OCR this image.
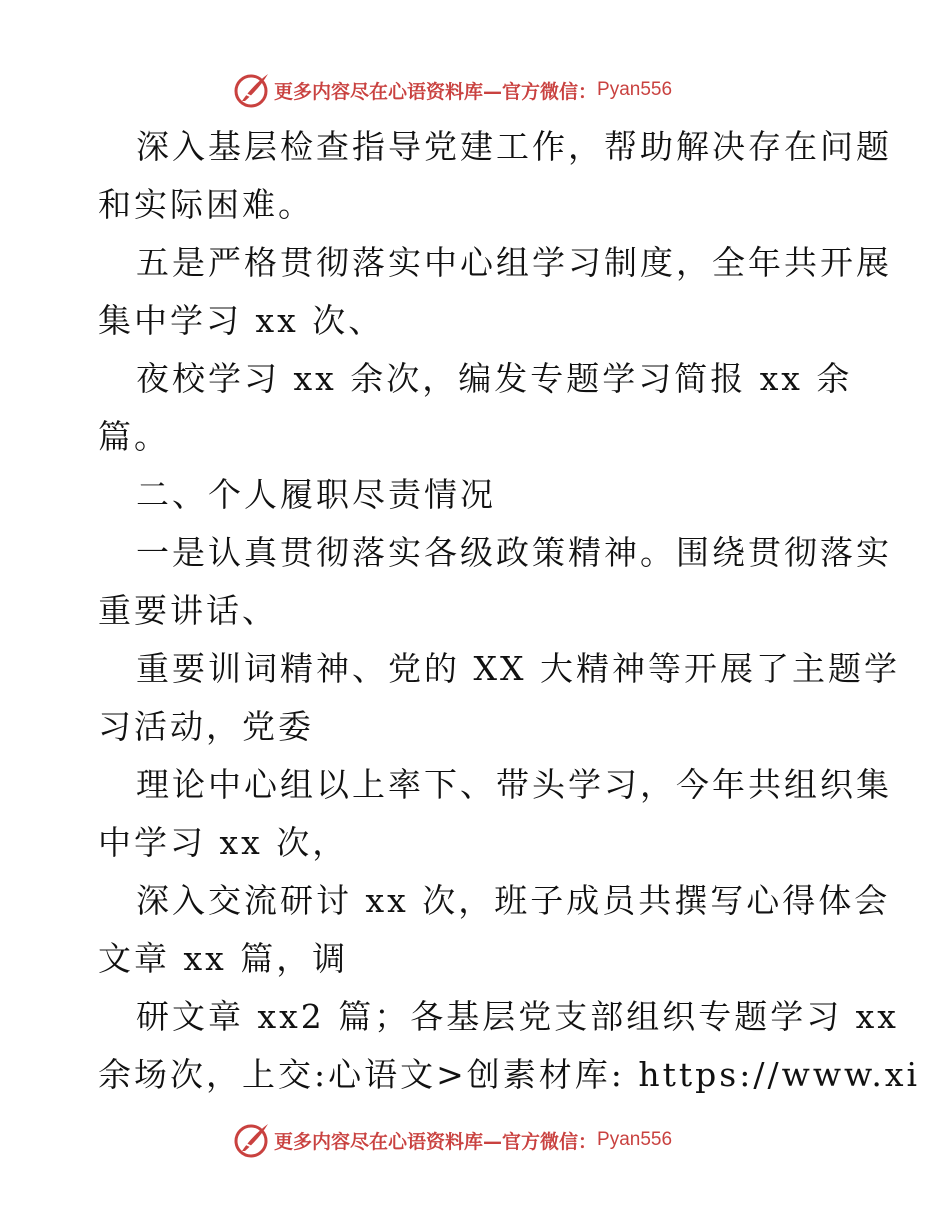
更多内容尽在心语资料库—官方微信： Pyan556
深入基层检查指导党建工作，帮助解决存在问题
和实际困难。
五是严格贯彻落实中心组学习制度，全年共开展
集中学习 xx 次、
夜校学习 xx 余次，编发专题学习简报 xx 余
篇。
二、个人履职尽责情况
一是认真贯彻落实各级政策精神。围绕贯彻落实
重要讲话、
重要训词精神、党的 XX 大精神等开展了主题学
习活动，党委
理论中心组以上率下、带头学习，今年共组织集
中学习 xx 次，
深入交流研讨 xx 次，班子成员共撰写心得体会
文章 xx 篇，调
研文章 xx2 篇；各基层党支部组织专题学习 xx
余场次，上交:心语文>创素材库: https://www.xi
更多内容尽在心语资料库—官方微信： Pyan556
